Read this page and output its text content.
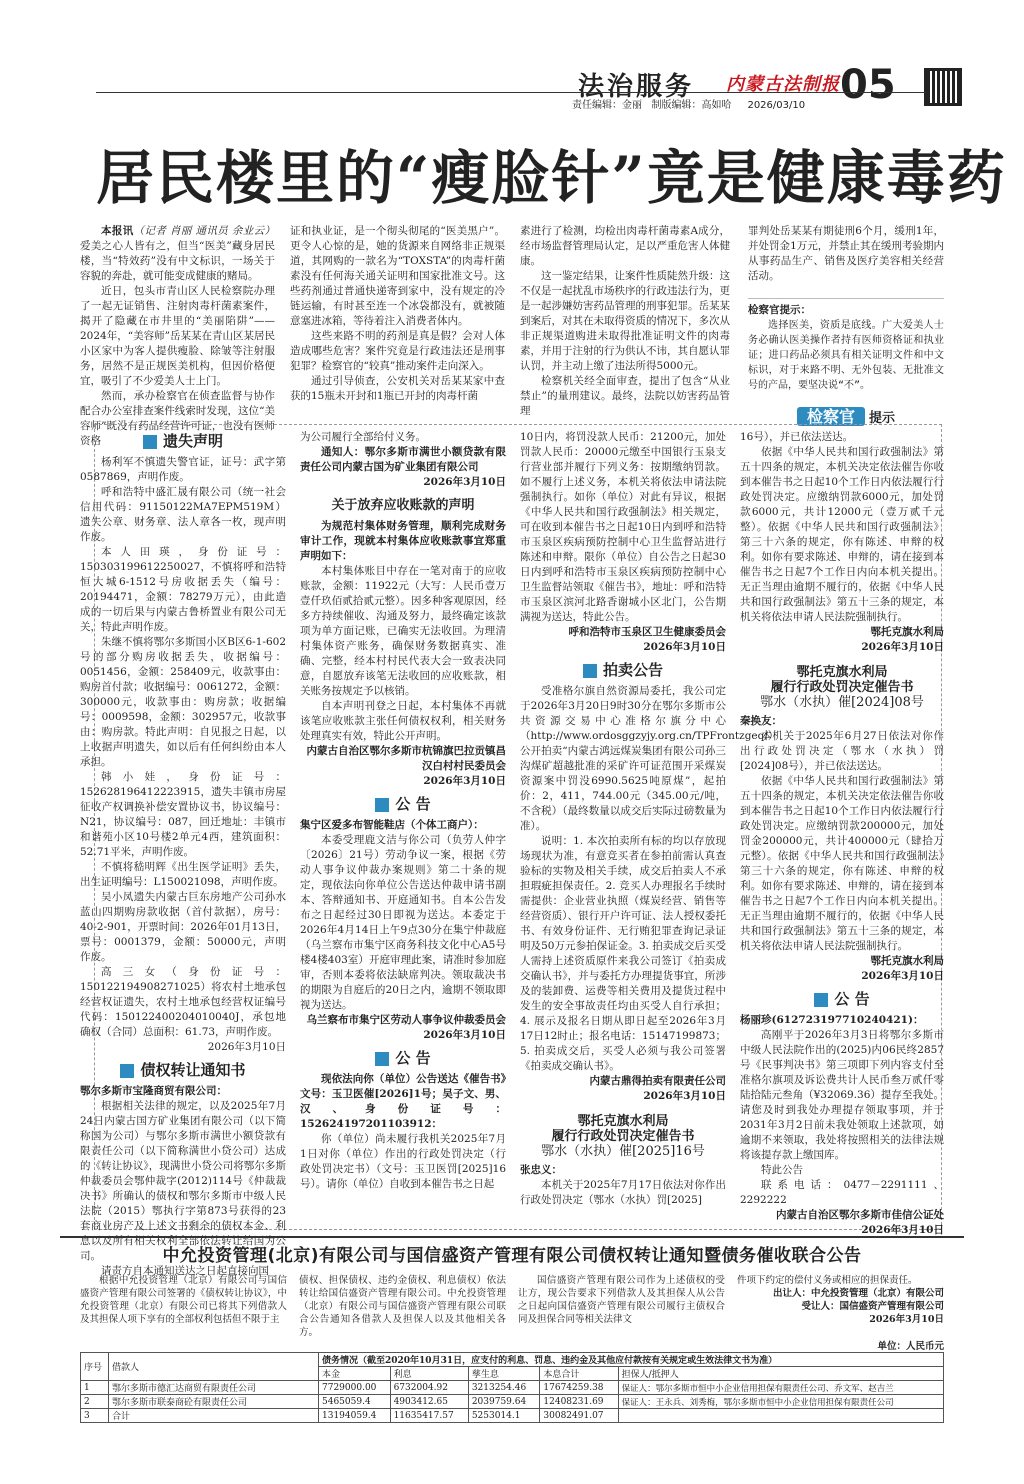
法治服务 内蒙古法制报 05
责任编辑：金丽 制版编辑：高如哈 2026/03/10
居民楼里的“瘦脸针”竟是健康毒药

本报讯（记者 肖丽 通讯员 余业云）爱美之心人皆有之，但当“医美”藏身居民楼，当“特效药”没有中文标识，一场关于容貌的奔赴，就可能变成健康的赌局。

近日，包头市青山区人民检察院办理了一起无证销售、注射肉毒杆菌素案件，揭开了隐藏在市井里的“美丽陷阱”——2024年，“美容师”岳某某在青山区某居民小区家中为客人提供瘦脸、除皱等注射服务，居然不是正规医美机构，但因价格便宜，吸引了不少爱美人士上门。

然而，承办检察官在侦查监督与协作配合办公室排查案件线索时发现，这位“美容师”既没有药品经营许可证，也没有医师资格

证和执业证，是一个彻头彻尾的“医美黑户”。更令人心惊的是，她的货源来自网络非正规渠道，其网购的一款名为“TOXSTA”的肉毒杆菌素没有任何海关通关证明和国家批准文号。这些药剂通过普通快递寄到家中，没有规定的冷链运输，有时甚至连一个冰袋都没有，就被随意塞进冰箱，等待着注入消费者体内。

这些来路不明的药剂是真是假？会对人体造成哪些危害？案件究竟是行政违法还是刑事犯罪？检察官的“较真”推动案件走向深入。

通过引导侦查，公安机关对岳某某家中查获的15瓶未开封和1瓶已开封的肉毒杆菌

素进行了检测，均检出肉毒杆菌毒素A成分，经市场监督管理局认定，足以严重危害人体健康。

这一鉴定结果，让案件性质陡然升级：这不仅是一起扰乱市场秩序的行政违法行为，更是一起涉嫌妨害药品管理的刑事犯罪。岳某某到案后，对其在未取得资质的情况下，多次从非正规渠道购进未取得批准证明文件的肉毒素，并用于注射的行为供认不讳，其自愿认罪认罚，并主动上缴了违法所得5000元。

检察机关经全面审查，提出了包含“从业禁止”的量刑建议。最终，法院以妨害药品管理

罪判处岳某某有期徒刑6个月，缓刑1年，并处罚金1万元，并禁止其在缓刑考验期内从事药品生产、销售及医疗美容相关经营活动。

检察官提示：

选择医美，资质是底线。广大爱美人士务必确认医美操作者持有医师资格证和执业证；进口药品必须具有相关证明文件和中文标识，对于来路不明、无外包装、无批准文号的产品，要坚决说“不”。

检察官	提示
遗失声明

杨利军不慎遗失警官证，证号：武字第0587869，声明作废。

呼和浩特中盛汇晟有限公司（统一社会信用代码：91150122MA7EPM519M）遗失公章、财务章、法人章各一枚，现声明作废。

本人田瑛，身份证号：150303199612250027，不慎将呼和浩特恒大城6-1512号房收据丢失（编号：20194471，金额：78279万元），由此造成的一切后果与内蒙古鲁桥置业有限公司无关，特此声明作废。

朱继不慎将鄂尔多斯国小区B区6-1-602号的部分购房收据丢失，收据编号：0051456，金额：258409元，收款事由：购房首付款；收据编号：0061272，金额：300000元，收款事由：购房款；收据编号：0009598，金额：302957元，收款事由：购房款。特此声明：自见报之日起，以上收据声明遗失，如以后有任何纠纷由本人承担。

韩小娃，身份证号：152628196412223915，遗失丰镇市房屋征收产权调换补偿安置协议书，协议编号：N21，协议编号：087，回迁地址：丰镇市和谐苑小区10号楼2单元4西，建筑面积：52.71平米，声明作废。

不慎将嵇明辉《出生医学证明》丢失，出生证明编号：L150021098，声明作废。

吴小凤遗失内蒙古巨东房地产公司孙水蓝山四期购房款收据（首付款据），房号：40-2-901，开票时间：2026年01月13日，票号：0001379，金额：50000元，声明作废。

高三女（身份证号：150122194908271025）将农村土地承包经营权证遗失，农村土地承包经营权证编号代码：150122400204010040J，承包地确权（合同）总面积：61.73，声明作废。

2026年3月10日

债权转让通知书

鄂尔多斯市宝隆商贸有限公司：

根据相关法律的规定，以及2025年7月24日内蒙古国方矿业集团有限公司（以下简称国为公司）与鄂尔多斯市满世小额贷款有限责任公司（以下简称满世小贷公司）达成的《转让协议》，现满世小贷公司将鄂尔多斯仲裁委员会鄂仲裁字(2012)114号《仲裁裁决书》所确认的债权和鄂尔多斯市中级人民法院（2015）鄂执行字第873号获得的23套商业房产及上述文书剩余的债权本金、利息以及所有相关权利全部依法转让给国为公司。

请责方自本通知送达之日起直接向国

为公司履行全部给付义务。

通知人：鄂尔多斯市满世小额贷款有限责任公司内蒙古国为矿业集团有限公司

2026年3月10日

关于放弃应收账款的声明

为规范村集体财务管理，顺利完成财务审计工作，现就本村集体应收账款事宜郑重声明如下：

本村集体账目中存在一笔对南于的应收账款，金额：11922元（大写：人民币壹万壹仟玖佰贰拾贰元整）。因多种客观原因，经多方持续催收、沟通及努力，最终确定该款项为单方面记账，已确实无法收回。为理清村集体资产账务，确保财务数据真实、准确、完整，经本村村民代表大会一致表决同意，自愿放弃该笔无法收回的应收账款，相关账务按规定予以核销。

自本声明刊登之日起，本村集体不再就该笔应收账款主张任何债权权利，相关财务处理真实有效，特此公开声明。

内蒙古自治区鄂尔多斯市杭锦旗巴拉贡镇昌汉白村村民委员会

2026年3月10日

公 告

集宁区爱多布智能鞋店（个体工商户）：

本委受理鹿文洁与你公司（负劳人仲字〔2026〕21号）劳动争议一案，根据《劳动人事争议仲裁办案规则》第二十条的规定，现依法向你单位公告送达仲裁申请书副本、答辩通知书、开庭通知书。自本公告发布之日起经过30日即视为送达。本委定于2026年4月14日上午9点30分在集宁仲裁庭（乌兰察布市集宁区商务科技文化中心A5号楼4楼403室）开庭审理此案，请准时参加庭审，否则本委将依法缺席判决。领取裁决书的期限为自庭后的20日之内，逾期不领取即视为送达。

乌兰察布市集宁区劳动人事争议仲裁委员会

2026年3月10日

公 告

现依法向你（单位）公告送达《催告书》文号：玉卫医催[2026]1号；吴子文、男、汉、身份证号：152624197201103912：

你（单位）尚未履行我机关2025年7月1日对你（单位）作出的行政处罚决定（行政处罚决定书）（文号：玉卫医罚[2025]16号）。请你（单位）自收到本催告书之日起

10日内，将罚没款人民币：21200元，加处罚款人民币：20000元缴至中国银行玉泉支行营业部并履行下列义务：按期缴纳罚款。如不履行上述义务，本机关将依法申请法院强制执行。如你（单位）对此有异议，根据《中华人民共和国行政强制法》相关规定，可在收到本催告书之日起10日内到呼和浩特市玉泉区疾病预防控制中心卫生监督站进行陈述和申辩。限你（单位）自公告之日起30日内到呼和浩特市玉泉区疾病预防控制中心卫生监督站领取《催告书》，地址：呼和浩特市玉泉区滨河北路香谢城小区北门，公告期满视为送达，特此公告。

呼和浩特市玉泉区卫生健康委员会

2026年3月10日

拍卖公告

受准格尔旗自然资源局委托，我公司定于2026年3月20日9时30分在鄂尔多斯市公共资源交易中心准格尔旗分中心（http://www.ordosggzyjy.org.cn/TPFrontzgeq/）公开拍卖“内蒙古鸿远煤炭集团有限公司孙三沟煤矿超越批准的采矿许可证范围开采煤炭资源案中罚没6990.5625吨原煤”，起拍价：2，411，744.00元（345.00元/吨，不含税）（最终数量以成交后实际过磅数量为准）。

说明：1. 本次拍卖所有标的均以存放现场现状为准，有意竞买者在参拍前需认真查验标的实物及相关手续，成交后拍卖人不承担瑕疵担保责任。2. 竞买人办理报名手续时需提供：企业营业执照（煤炭经营、销售等经营资质）、银行开户许可证、法人授权委托书、有效身份证件、无行贿犯罪查询记录证明及50万元参拍保证金。3. 拍卖成交后买受人需持上述资质原件来我公司签订《拍卖成交确认书》，并与委托方办理提货事宜，所涉及的装卸费、运费等相关费用及提货过程中发生的安全事故责任均由买受人自行承担；4. 展示及报名日期从即日起至2026年3月17日12时止；报名电话：15147199873；5. 拍卖成交后，买受人必须与我公司签署《拍卖成交确认书》。

内蒙古鼎得拍卖有限责任公司

2026年3月10日

鄂托克旗水利局
履行行政处罚决定催告书
鄂水（水执）催[2025]16号

张忠义：

本机关于2025年7月17日依法对你作出行政处罚决定（鄂水（水执）罚[2025]

16号），并已依法送达。

依据《中华人民共和国行政强制法》第五十四条的规定，本机关决定依法催告你收到本催告书之日起10个工作日内依法履行行政处罚决定。应缴纳罚款6000元，加处罚款6000元，共计12000元（壹万贰千元整）。依据《中华人民共和国行政强制法》第三十六条的规定，你有陈述、申辩的权利。如你有要求陈述、申辩的，请在接到本催告书之日起7个工作日内向本机关提出。无正当理由逾期不履行的，依据《中华人民共和国行政强制法》第五十三条的规定，本机关将依法申请人民法院强制执行。

鄂托克旗水利局

2026年3月10日

鄂托克旗水利局
履行行政处罚决定催告书
鄂水（水执）催[2024]08号

秦换友：

本机关于2025年6月27日依法对你作出行政处罚决定（鄂水（水执）罚[2024]08号），并已依法送达。

依据《中华人民共和国行政强制法》第五十四条的规定，本机关决定依法催告你收到本催告书之日起10个工作日内依法履行行政处罚决定。应缴纳罚款200000元，加处罚金200000元，共计400000元（肆拾万元整）。依据《中华人民共和国行政强制法》第三十六条的规定，你有陈述、申辩的权利。如你有要求陈述、申辩的，请在接到本催告书之日起7个工作日内向本机关提出。无正当理由逾期不履行的，依据《中华人民共和国行政强制法》第五十三条的规定，本机关将依法申请人民法院强制执行。

鄂托克旗水利局

2026年3月10日

公 告

杨丽珍(612723197710240421)：

高刚平于2026年3月3日将鄂尔多斯市中级人民法院作出的(2025)内06民终2857号《民事判决书》第三项即下列内容支付至准格尔旗项及诉讼费共计人民币叁万贰仟零陆拾陆元叁角（¥32069.36）提存至我处。请您及时到我处办理提存领取事项，并于2031年3月2日前未我处领取上述款项，如逾期不来领取，我处将按照相关的法律法规将该提存款上缴国库。

特此公告

联系电话：0477－2291111、2292222

内蒙古自治区鄂尔多斯市佳信公证处

2026年3月10日

中允投资管理(北京)有限公司与国信盛资产管理有限公司债权转让通知暨债务催收联合公告

根据中允投资管理（北京）有限公司与国信盛资产管理有限公司签署的《债权转让协议》，中允投资管理（北京）有限公司已将其下列借款人及其担保人项下享有的全部权利包括但不限于主

债权、担保债权、违约金债权、利息债权）依法转让给国信盛资产管理有限公司。中允投资管理（北京）有限公司与国信盛资产管理有限公司联合公告通知各借款人及担保人以及其他相关各方。

国信盛资产管理有限公司作为上述债权的受让方，现公告要求下列借款人及其担保人从公告之日起向国信盛资产管理有限公司履行主债权合同及担保合同等相关法律文

件项下约定的偿付义务或相应的担保责任。

出让人：中允投资管理（北京）有限公司

受让人：国信盛资产管理有限公司

2026年3月10日

单位：人民币元
序号	借款人	债务情况（截至2020年10月31日，应支付的利息、罚息、违约金及其他应付款按有关规定或生效法律文书为准）				
		本金	利息	孳生息	本息合计	担保人/抵押人
1	鄂尔多斯市德汇达商贸有限责任公司	7729000.00	6732004.92	3213254.46	17674259.38	保证人：鄂尔多斯市恒中小企业信用担保有限责任公司、乔文军、赵吉兰
2	鄂尔多斯市联泰商砼有限责任公司	5465059.4	4903412.65	2039759.64	12408231.69	保证人：王永兵、刘秀梅，鄂尔多斯市恒中小企业信用担保有限责任公司
3	合计	13194059.4	11635417.57	5253014.1	30082491.07	
